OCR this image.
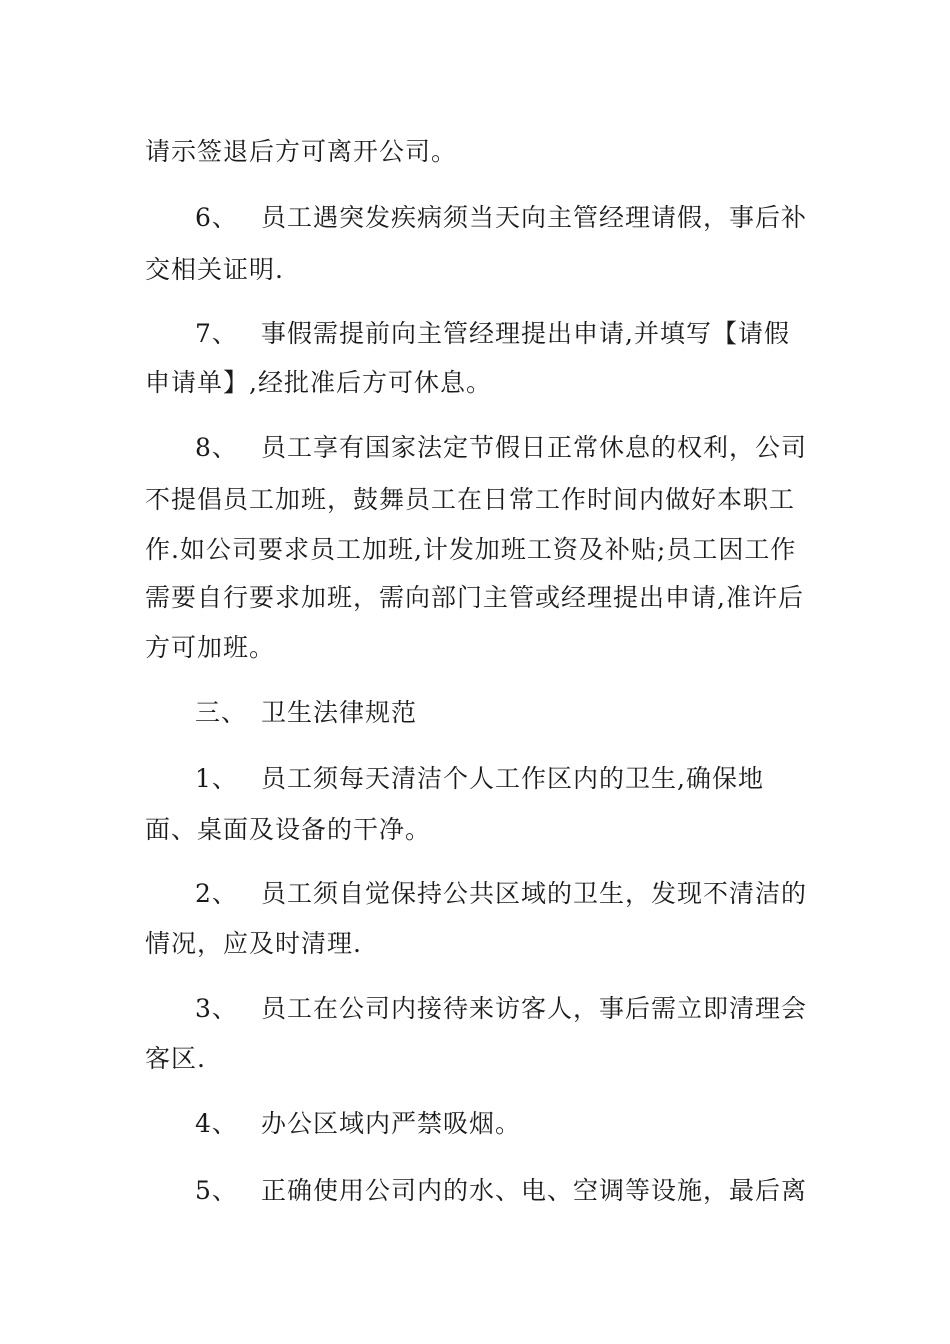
请示签退后方可离开公司。
6、 员工遇突发疾病须当天向主管经理请假，事后补
交相关证明.
7、 事假需提前向主管经理提出申请,并填写【请假
申请单】,经批准后方可休息。
8、 员工享有国家法定节假日正常休息的权利，公司
不提倡员工加班，鼓舞员工在日常工作时间内做好本职工
作.如公司要求员工加班,计发加班工资及补贴;员工因工作
需要自行要求加班，需向部门主管或经理提出申请,准许后
方可加班。
三、 卫生法律规范
1、 员工须每天清洁个人工作区内的卫生,确保地
面、桌面及设备的干净。
2、 员工须自觉保持公共区域的卫生，发现不清洁的
情况，应及时清理.
3、 员工在公司内接待来访客人，事后需立即清理会
客区.
4、 办公区域内严禁吸烟。
5、 正确使用公司内的水、电、空调等设施，最后离
